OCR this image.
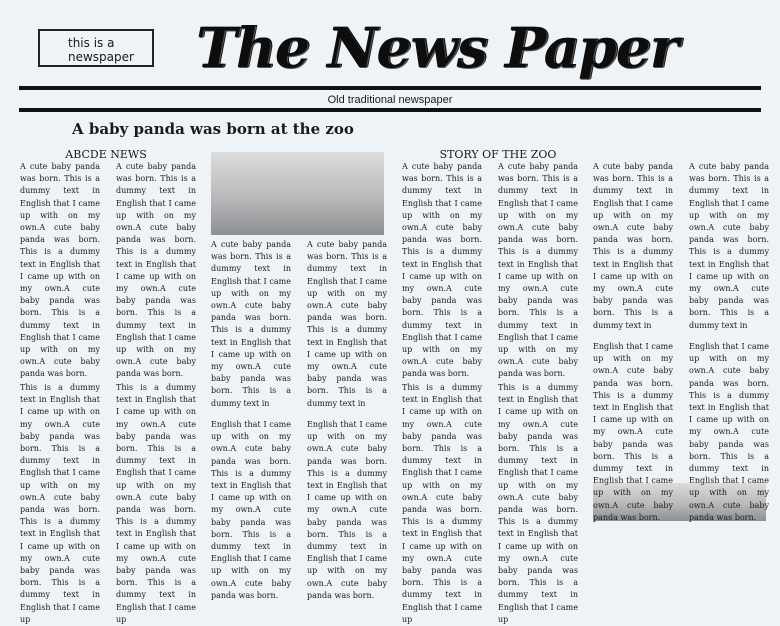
this is a
newspaper	The News Paper
Old traditional newspaper
A baby panda was born at the zoo
ABCDE NEWS	STORY OF THE ZOO
A cute baby panda was born. This is a dummy text in English that I came up with on my own.A cute baby panda was born. This is a dummy text in English that I came up with on my own.A cute baby panda was born. This is a dummy text in English that I came up with on my own.A cute baby panda was born.
A cute baby panda was born. This is a dummy text in English that I came up with on my own.A cute baby panda was born. This is a dummy text in English that I came up with on my own.A cute baby panda was born. This is a dummy text in English that I came up with on my own.A cute baby panda was born.
A cute baby panda was born. This is a dummy text in English that I came up with on my own.A cute baby panda was born. This is a dummy text in English that I came up with on my own.A cute baby panda was born. This is a dummy text in
A cute baby panda was born. This is a dummy text in English that I came up with on my own.A cute baby panda was born. This is a dummy text in English that I came up with on my own.A cute baby panda was born. This is a dummy text in
A cute baby panda was born. This is a dummy text in English that I came up with on my own.A cute baby panda was born. This is a dummy text in English that I came up with on my own.A cute baby panda was born. This is a dummy text in English that I came up with on my own.A cute baby panda was born.
A cute baby panda was born. This is a dummy text in English that I came up with on my own.A cute baby panda was born. This is a dummy text in English that I came up with on my own.A cute baby panda was born. This is a dummy text in English that I came up with on my own.A cute baby panda was born.
A cute baby panda was born. This is a dummy text in English that I came up with on my own.A cute baby panda was born. This is a dummy text in English that I came up with on my own.A cute baby panda was born. This is a dummy text in
A cute baby panda was born. This is a dummy text in English that I came up with on my own.A cute baby panda was born. This is a dummy text in English that I came up with on my own.A cute baby panda was born. This is a dummy text in
This is a dummy text in English that I came up with on my own.A cute baby panda was born. This is a dummy text in English that I came up with on my own.A cute baby panda was born. This is a dummy text in English that I came up with on my own.A cute baby panda was born. This is a dummy text in English that I came up
This is a dummy text in English that I came up with on my own.A cute baby panda was born. This is a dummy text in English that I came up with on my own.A cute baby panda was born. This is a dummy text in English that I came up with on my own.A cute baby panda was born. This is a dummy text in English that I came up
English that I came up with on my own.A cute baby panda was born. This is a dummy text in English that I came up with on my own.A cute baby panda was born. This is a dummy text in English that I came up with on my own.A cute baby panda was born.
English that I came up with on my own.A cute baby panda was born. This is a dummy text in English that I came up with on my own.A cute baby panda was born. This is a dummy text in English that I came up with on my own.A cute baby panda was born.
This is a dummy text in English that I came up with on my own.A cute baby panda was born. This is a dummy text in English that I came up with on my own.A cute baby panda was born. This is a dummy text in English that I came up with on my own.A cute baby panda was born. This is a dummy text in English that I came up
This is a dummy text in English that I came up with on my own.A cute baby panda was born. This is a dummy text in English that I came up with on my own.A cute baby panda was born. This is a dummy text in English that I came up with on my own.A cute baby panda was born. This is a dummy text in English that I came up
English that I came up with on my own.A cute baby panda was born. This is a dummy text in English that I came up with on my own.A cute baby panda was born. This is a dummy text in English that I came up with on my own.A cute baby panda was born.
English that I came up with on my own.A cute baby panda was born. This is a dummy text in English that I came up with on my own.A cute baby panda was born. This is a dummy text in English that I came up with on my own.A cute baby panda was born.
